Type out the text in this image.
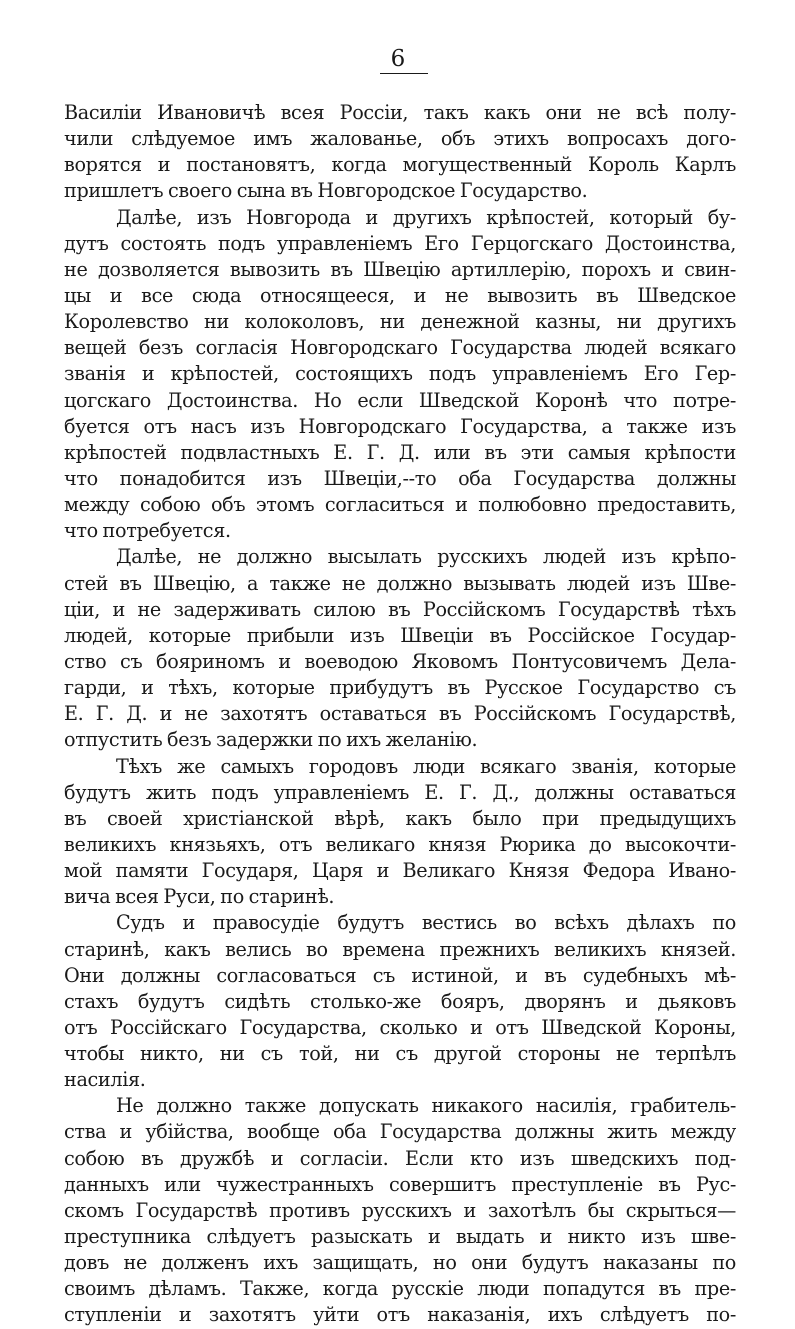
6
Василіи Ивановичѣ всея Россіи, такъ какъ они не всѣ полу-
чили слѣдуемое имъ жалованье, объ этихъ вопросахъ дого-
ворятся и постановятъ, когда могущественный Король Карлъ
пришлетъ своего сына въ Новгородское Государство.
Далѣе, изъ Новгорода и другихъ крѣпостей, который бу-
дутъ состоять подъ управленіемъ Его Герцогскаго Достоинства,
не дозволяется вывозить въ Швецію артиллерію, порохъ и свин-
цы и все сюда относящееся, и не вывозить въ Шведское
Королевство ни колоколовъ, ни денежной казны, ни другихъ
вещей безъ согласія Новгородскаго Государства людей всякаго
званія и крѣпостей, состоящихъ подъ управленіемъ Его Гер-
цогскаго Достоинства. Но если Шведской Коронѣ что потре-
буется отъ насъ изъ Новгородскаго Государства, а также изъ
крѣпостей подвластныхъ Е. Г. Д. или въ эти самыя крѣпости
что понадобится изъ Швеціи,--то оба Государства должны
между собою объ этомъ согласиться и полюбовно предоставить,
что потребуется.
Далѣе, не должно высылать русскихъ людей изъ крѣпо-
стей въ Швецію, а также не должно вызывать людей изъ Шве-
ціи, и не задерживать силою въ Россійскомъ Государствѣ тѣхъ
людей, которые прибыли изъ Швеціи въ Россійское Государ-
ство съ бояриномъ и воеводою Яковомъ Понтусовичемъ Дела-
гарди, и тѣхъ, которые прибудутъ въ Русское Государство съ
Е. Г. Д. и не захотятъ оставаться въ Россійскомъ Государствѣ,
отпустить безъ задержки по ихъ желанію.
Тѣхъ же самыхъ городовъ люди всякаго званія, которые
будутъ жить подъ управленіемъ Е. Г. Д., должны оставаться
въ своей христіанской вѣрѣ, какъ было при предыдущихъ
великихъ князьяхъ, отъ великаго князя Рюрика до высокочти-
мой памяти Государя, Царя и Великаго Князя Федора Ивано-
вича всея Руси, по старинѣ.
Судъ и правосудіе будутъ вестись во всѣхъ дѣлахъ по
старинѣ, какъ велись во времена прежнихъ великихъ князей.
Они должны согласоваться съ истиной, и въ судебныхъ мѣ-
стахъ будутъ сидѣть столько-же бояръ, дворянъ и дьяковъ
отъ Россійскаго Государства, сколько и отъ Шведской Короны,
чтобы никто, ни съ той, ни съ другой стороны не терпѣлъ
насилія.
Не должно также допускать никакого насилія, грабитель-
ства и убійства, вообще оба Государства должны жить между
собою въ дружбѣ и согласіи. Если кто изъ шведскихъ под-
данныхъ или чужестранныхъ совершитъ преступленіе въ Рус-
скомъ Государствѣ противъ русскихъ и захотѣлъ бы скрыться—
преступника слѣдуетъ разыскать и выдать и никто изъ шве-
довъ не долженъ ихъ защищать, но они будутъ наказаны по
своимъ дѣламъ. Также, когда русскіе люди попадутся въ пре-
ступленіи и захотятъ уйти отъ наказанія, ихъ слѣдуетъ по-
